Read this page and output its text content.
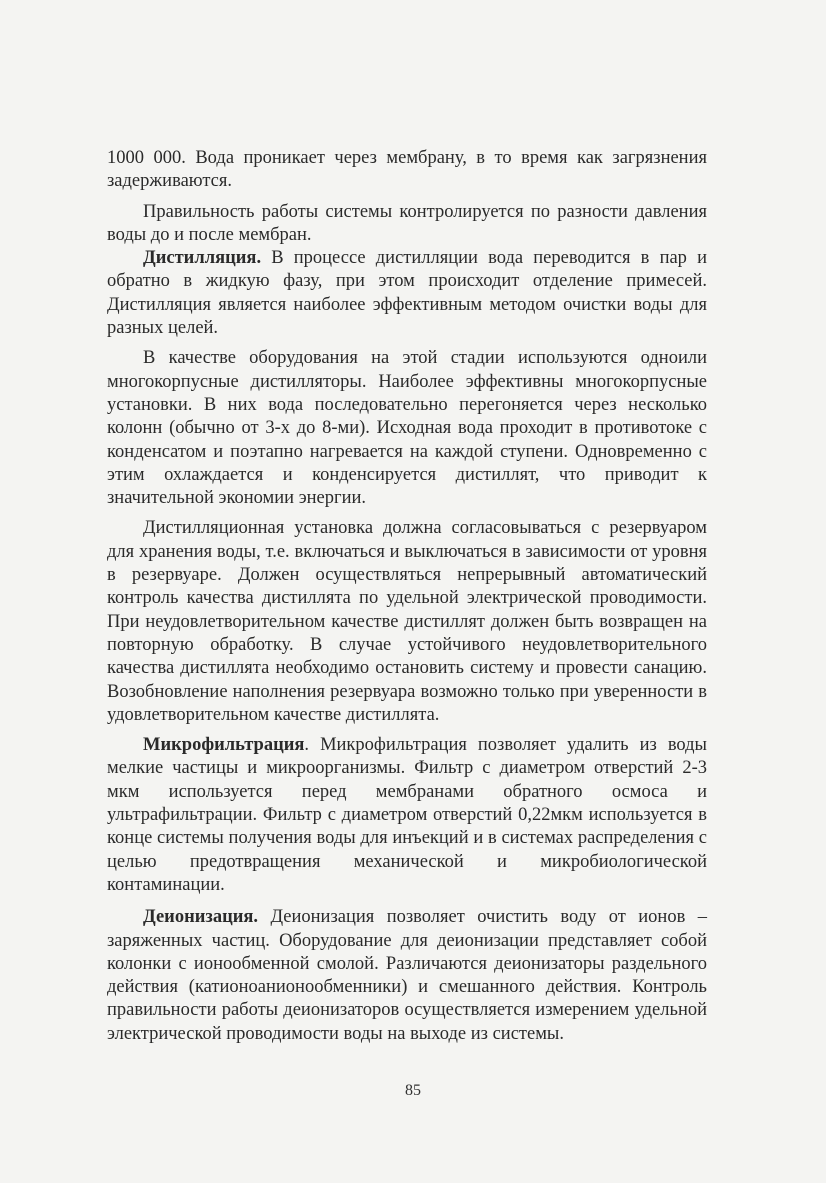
1000 000. Вода проникает через мембрану, в то время как загрязнения задерживаются.

Правильность работы системы контролируется по разности давления воды до и после мембран.

Дистилляция. В процессе дистилляции вода переводится в пар и обратно в жидкую фазу, при этом происходит отделение примесей. Дистилляция является наиболее эффективным методом очистки воды для разных целей.

В качестве оборудования на этой стадии используются одноили многокорпусные дистилляторы. Наиболее эффективны многокорпусные установки. В них вода последовательно перегоняется через несколько колонн (обычно от 3-х до 8-ми). Исходная вода проходит в противотоке с конденсатом и поэтапно нагревается на каждой ступени. Одновременно с этим охлаждается и конденсируется дистиллят, что приводит к значительной экономии энергии.

Дистилляционная установка должна согласовываться с резервуаром для хранения воды, т.е. включаться и выключаться в зависимости от уровня в резервуаре. Должен осуществляться непрерывный автоматический контроль качества дистиллята по удельной электрической проводимости. При неудовлетворительном качестве дистиллят должен быть возвращен на повторную обработку. В случае устойчивого неудовлетворительного качества дистиллята необходимо остановить систему и провести санацию. Возобновление наполнения резервуара возможно только при уверенности в удовлетворительном качестве дистиллята.

Микрофильтрация. Микрофильтрация позволяет удалить из воды мелкие частицы и микроорганизмы. Фильтр с диаметром отверстий 2-3 мкм используется перед мембранами обратного осмоса и ультрафильтрации. Фильтр с диаметром отверстий 0,22мкм используется в конце системы получения воды для инъекций и в системах распределения с целью предотвращения механической и микробиологической контаминации.

Деионизация. Деионизация позволяет очистить воду от ионов – заряженных частиц. Оборудование для деионизации представляет собой колонки с ионообменной смолой. Различаются деионизаторы раздельного действия (катионоанионообменники) и смешанного действия. Контроль правильности работы деионизаторов осуществляется измерением удельной электрической проводимости воды на выходе из системы.

85
